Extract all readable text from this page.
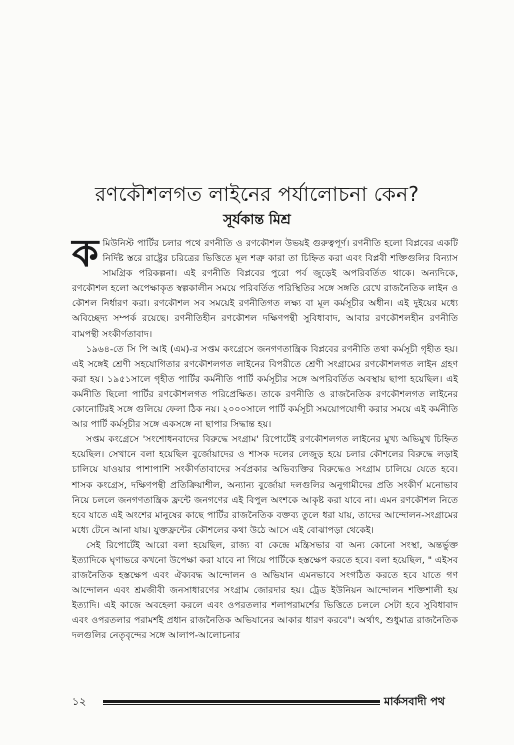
রণকৌশলগত লাইনের পর্যালোচনা কেন?
সূর্যকান্ত মিশ্র

কমিউনিস্ট পার্টির চলার পথে রণনীতি ও রণকৌশল উভয়ই গুরুত্বপূর্ণ। রণনীতি হলো বিপ্লবের একটি নির্দিষ্ট স্তরে রাষ্ট্রের চরিত্রের ভিত্তিতে মূল শত্রু কারা তা চিহ্নিত করা এবং বিপ্লবী শক্তিগুলির বিন্যাস সামগ্রিক পরিকল্পনা। এই রণনীতি বিপ্লবের পুরো পর্ব জুড়েই অপরিবর্তিত থাকে। অন্যদিকে, রণকৌশল হলো অপেক্ষাকৃত স্বল্পকালীন সময়ে পরিবর্তিত পরিস্থিতির সঙ্গে সঙ্গতি রেখে রাজনৈতিক লাইন ও কৌশল নির্ধারণ করা। রণকৌশল সব সময়েই রণনীতিগত লক্ষ্য বা মূল কর্মসূচীর অধীন। এই দুইয়ের মধ্যে অবিচ্ছেদ্য সম্পর্ক রয়েছে। রণনীতিহীন রণকৌশল দক্ষিণপন্থী সুবিধাবাদ, আবার রণকৌশলহীন রণনীতি বামপন্থী সংকীর্ণতাবাদ।

১৯৬৪-তে সি পি আই (এম)-র সপ্তম কংগ্রেসে জনগণতান্ত্রিক বিপ্লবের রণনীতি তথা কর্মসূচী গৃহীত হয়। এই সঙ্গেই শ্রেণী সহযোগিতার রণকৌশলগত লাইনের বিপরীতে শ্রেণী সংগ্রামের রণকৌশলগত লাইন গ্রহণ করা হয়। ১৯৫১সালে গৃহীত পার্টির কর্মনীতি পার্টি কর্মসূচীর সঙ্গে অপরিবর্তিত অবস্থায় ছাপা হয়েছিল। এই কর্মনীতি ছিলো পার্টির রণকৌশলগত পরিপ্রেক্ষিত। তাকে রণনীতি ও রাজনৈতিক রণকৌশলগত লাইনের কোনোটিরই সঙ্গে গুলিয়ে ফেলা ঠিক নয়। ২০০০সালে পার্টি কর্মসূচী সময়োপযোগী করার সময়ে এই কর্মনীতি আর পার্টি কর্মসূচীর সঙ্গে একসঙ্গে না ছাপার সিদ্ধান্ত হয়।

সপ্তম কংগ্রেসে 'সংশোধনবাদের বিরুদ্ধে সংগ্রাম' রিপোর্টেই রণকৌশলগত লাইনের মুখ্য অভিমুখ চিহ্নিত হয়েছিল। সেখানে বলা হয়েছিল বুর্জোয়াদের ও শাসক দলের লেজুড় হয়ে চলার কৌশলের বিরুদ্ধে লড়াই চালিয়ে যাওয়ার পাশাপাশি সংকীর্ণতাবাদের সর্বপ্রকার অভিব্যক্তির বিরুদ্ধেও সংগ্রাম চালিয়ে যেতে হবে। শাসক কংগ্রেস, দক্ষিণপন্থী প্রতিক্রিয়াশীল, অন্যান্য বুর্জোয়া দলগুলির অনুগামীদের প্রতি সংকীর্ণ মনোভাব নিয়ে চললে জনগণতান্ত্রিক ফ্রন্টে জনগণের এই বিপুল অংশকে আকৃষ্ট করা যাবে না। এমন রণকৌশল নিতে হবে যাতে এই অংশের মানুষের কাছে পার্টির রাজনৈতিক বক্তব্য তুলে ধরা যায়, তাদের আন্দোলন-সংগ্রামের মধ্যে টেনে আনা যায়। যুক্তফ্রন্টের কৌশলের কথা উঠে আসে এই বোঝাপড়া থেকেই।

সেই রিপোর্টেই আরো বলা হয়েছিল, রাজ্য বা কেন্দ্রে মন্ত্রিসভার বা অন্য কোনো সংস্থা, অন্তর্ভুক্ত ইত্যাদিকে ঘৃণাভরে কখনো উপেক্ষা করা যাবে না গিয়ে পার্টিকে হস্তক্ষেপ করতে হবে। বলা হয়েছিল, " এইসব রাজনৈতিক হস্তক্ষেপ এবং ঐক্যবদ্ধ আন্দোলন ও অভিযান এমনভাবে সংগঠিত করতে হবে যাতে গণ আন্দোলন এবং শ্রমজীবী জনসাধারণের সংগ্রাম জোরদার হয়। ট্রেড ইউনিয়ন আন্দোলন শক্তিশালী হয় ইত্যাদি। এই কাজে অবহেলা করলে এবং ওপরতলার শলাপরামর্শের ভিত্তিতে চললে সেটা হবে সুবিধাবাদ এবং ওপরতলার পরামর্শই প্রধান রাজনৈতিক অভিযানের আকার ধারণ করবে"। অর্থাৎ, শুধুমাত্র রাজনৈতিক দলগুলির নেতৃবৃন্দের সঙ্গে আলাপ-আলোচনার

১২	মার্কসবাদী পথ
